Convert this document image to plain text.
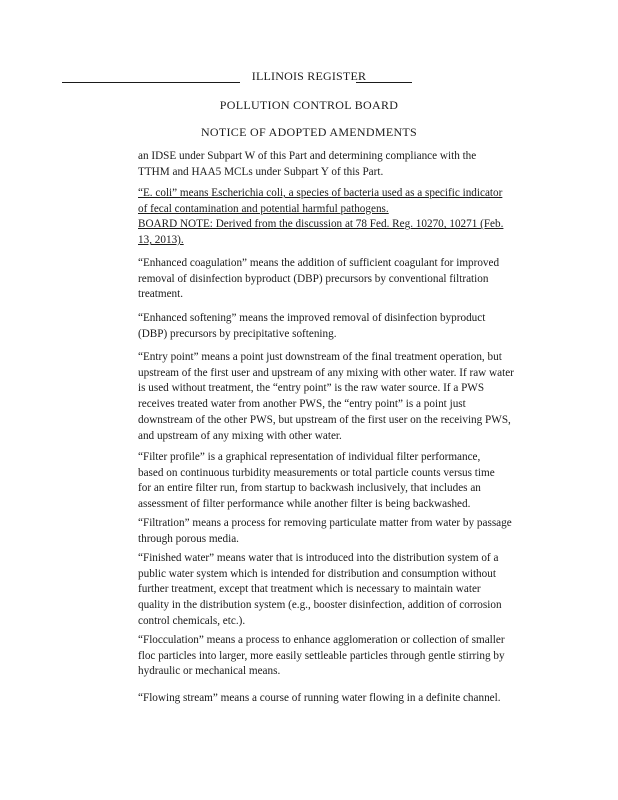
ILLINOIS REGISTER
POLLUTION CONTROL BOARD
NOTICE OF ADOPTED AMENDMENTS
an IDSE under Subpart W of this Part and determining compliance with the
TTHM and HAA5 MCLs under Subpart Y of this Part.
“E. coli” means Escherichia coli, a species of bacteria used as a specific indicator
of fecal contamination and potential harmful pathogens.
BOARD NOTE: Derived from the discussion at 78 Fed. Reg. 10270, 10271 (Feb.
13, 2013).
“Enhanced coagulation” means the addition of sufficient coagulant for improved
removal of disinfection byproduct (DBP) precursors by conventional filtration
treatment.
“Enhanced softening” means the improved removal of disinfection byproduct
(DBP) precursors by precipitative softening.
“Entry point” means a point just downstream of the final treatment operation, but
upstream of the first user and upstream of any mixing with other water. If raw water
is used without treatment, the “entry point” is the raw water source. If a PWS
receives treated water from another PWS, the “entry point” is a point just
downstream of the other PWS, but upstream of the first user on the receiving PWS,
and upstream of any mixing with other water.
“Filter profile” is a graphical representation of individual filter performance,
based on continuous turbidity measurements or total particle counts versus time
for an entire filter run, from startup to backwash inclusively, that includes an
assessment of filter performance while another filter is being backwashed.
“Filtration” means a process for removing particulate matter from water by passage
through porous media.
“Finished water” means water that is introduced into the distribution system of a
public water system which is intended for distribution and consumption without
further treatment, except that treatment which is necessary to maintain water
quality in the distribution system (e.g., booster disinfection, addition of corrosion
control chemicals, etc.).
“Flocculation” means a process to enhance agglomeration or collection of smaller
floc particles into larger, more easily settleable particles through gentle stirring by
hydraulic or mechanical means.
“Flowing stream” means a course of running water flowing in a definite channel.
